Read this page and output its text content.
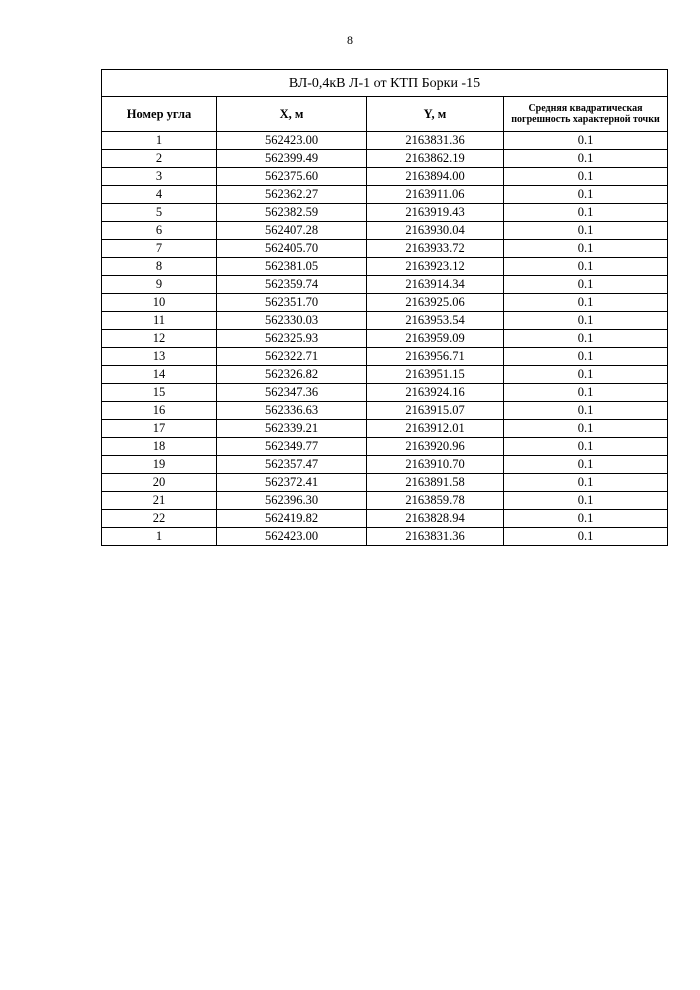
8
ВЛ-0,4кВ Л-1 от КТП Борки -15			
Номер угла	X, м	Y, м	Средняя квадратическая погрешность характерной точки
1	562423.00	2163831.36	0.1
2	562399.49	2163862.19	0.1
3	562375.60	2163894.00	0.1
4	562362.27	2163911.06	0.1
5	562382.59	2163919.43	0.1
6	562407.28	2163930.04	0.1
7	562405.70	2163933.72	0.1
8	562381.05	2163923.12	0.1
9	562359.74	2163914.34	0.1
10	562351.70	2163925.06	0.1
11	562330.03	2163953.54	0.1
12	562325.93	2163959.09	0.1
13	562322.71	2163956.71	0.1
14	562326.82	2163951.15	0.1
15	562347.36	2163924.16	0.1
16	562336.63	2163915.07	0.1
17	562339.21	2163912.01	0.1
18	562349.77	2163920.96	0.1
19	562357.47	2163910.70	0.1
20	562372.41	2163891.58	0.1
21	562396.30	2163859.78	0.1
22	562419.82	2163828.94	0.1
1	562423.00	2163831.36	0.1
